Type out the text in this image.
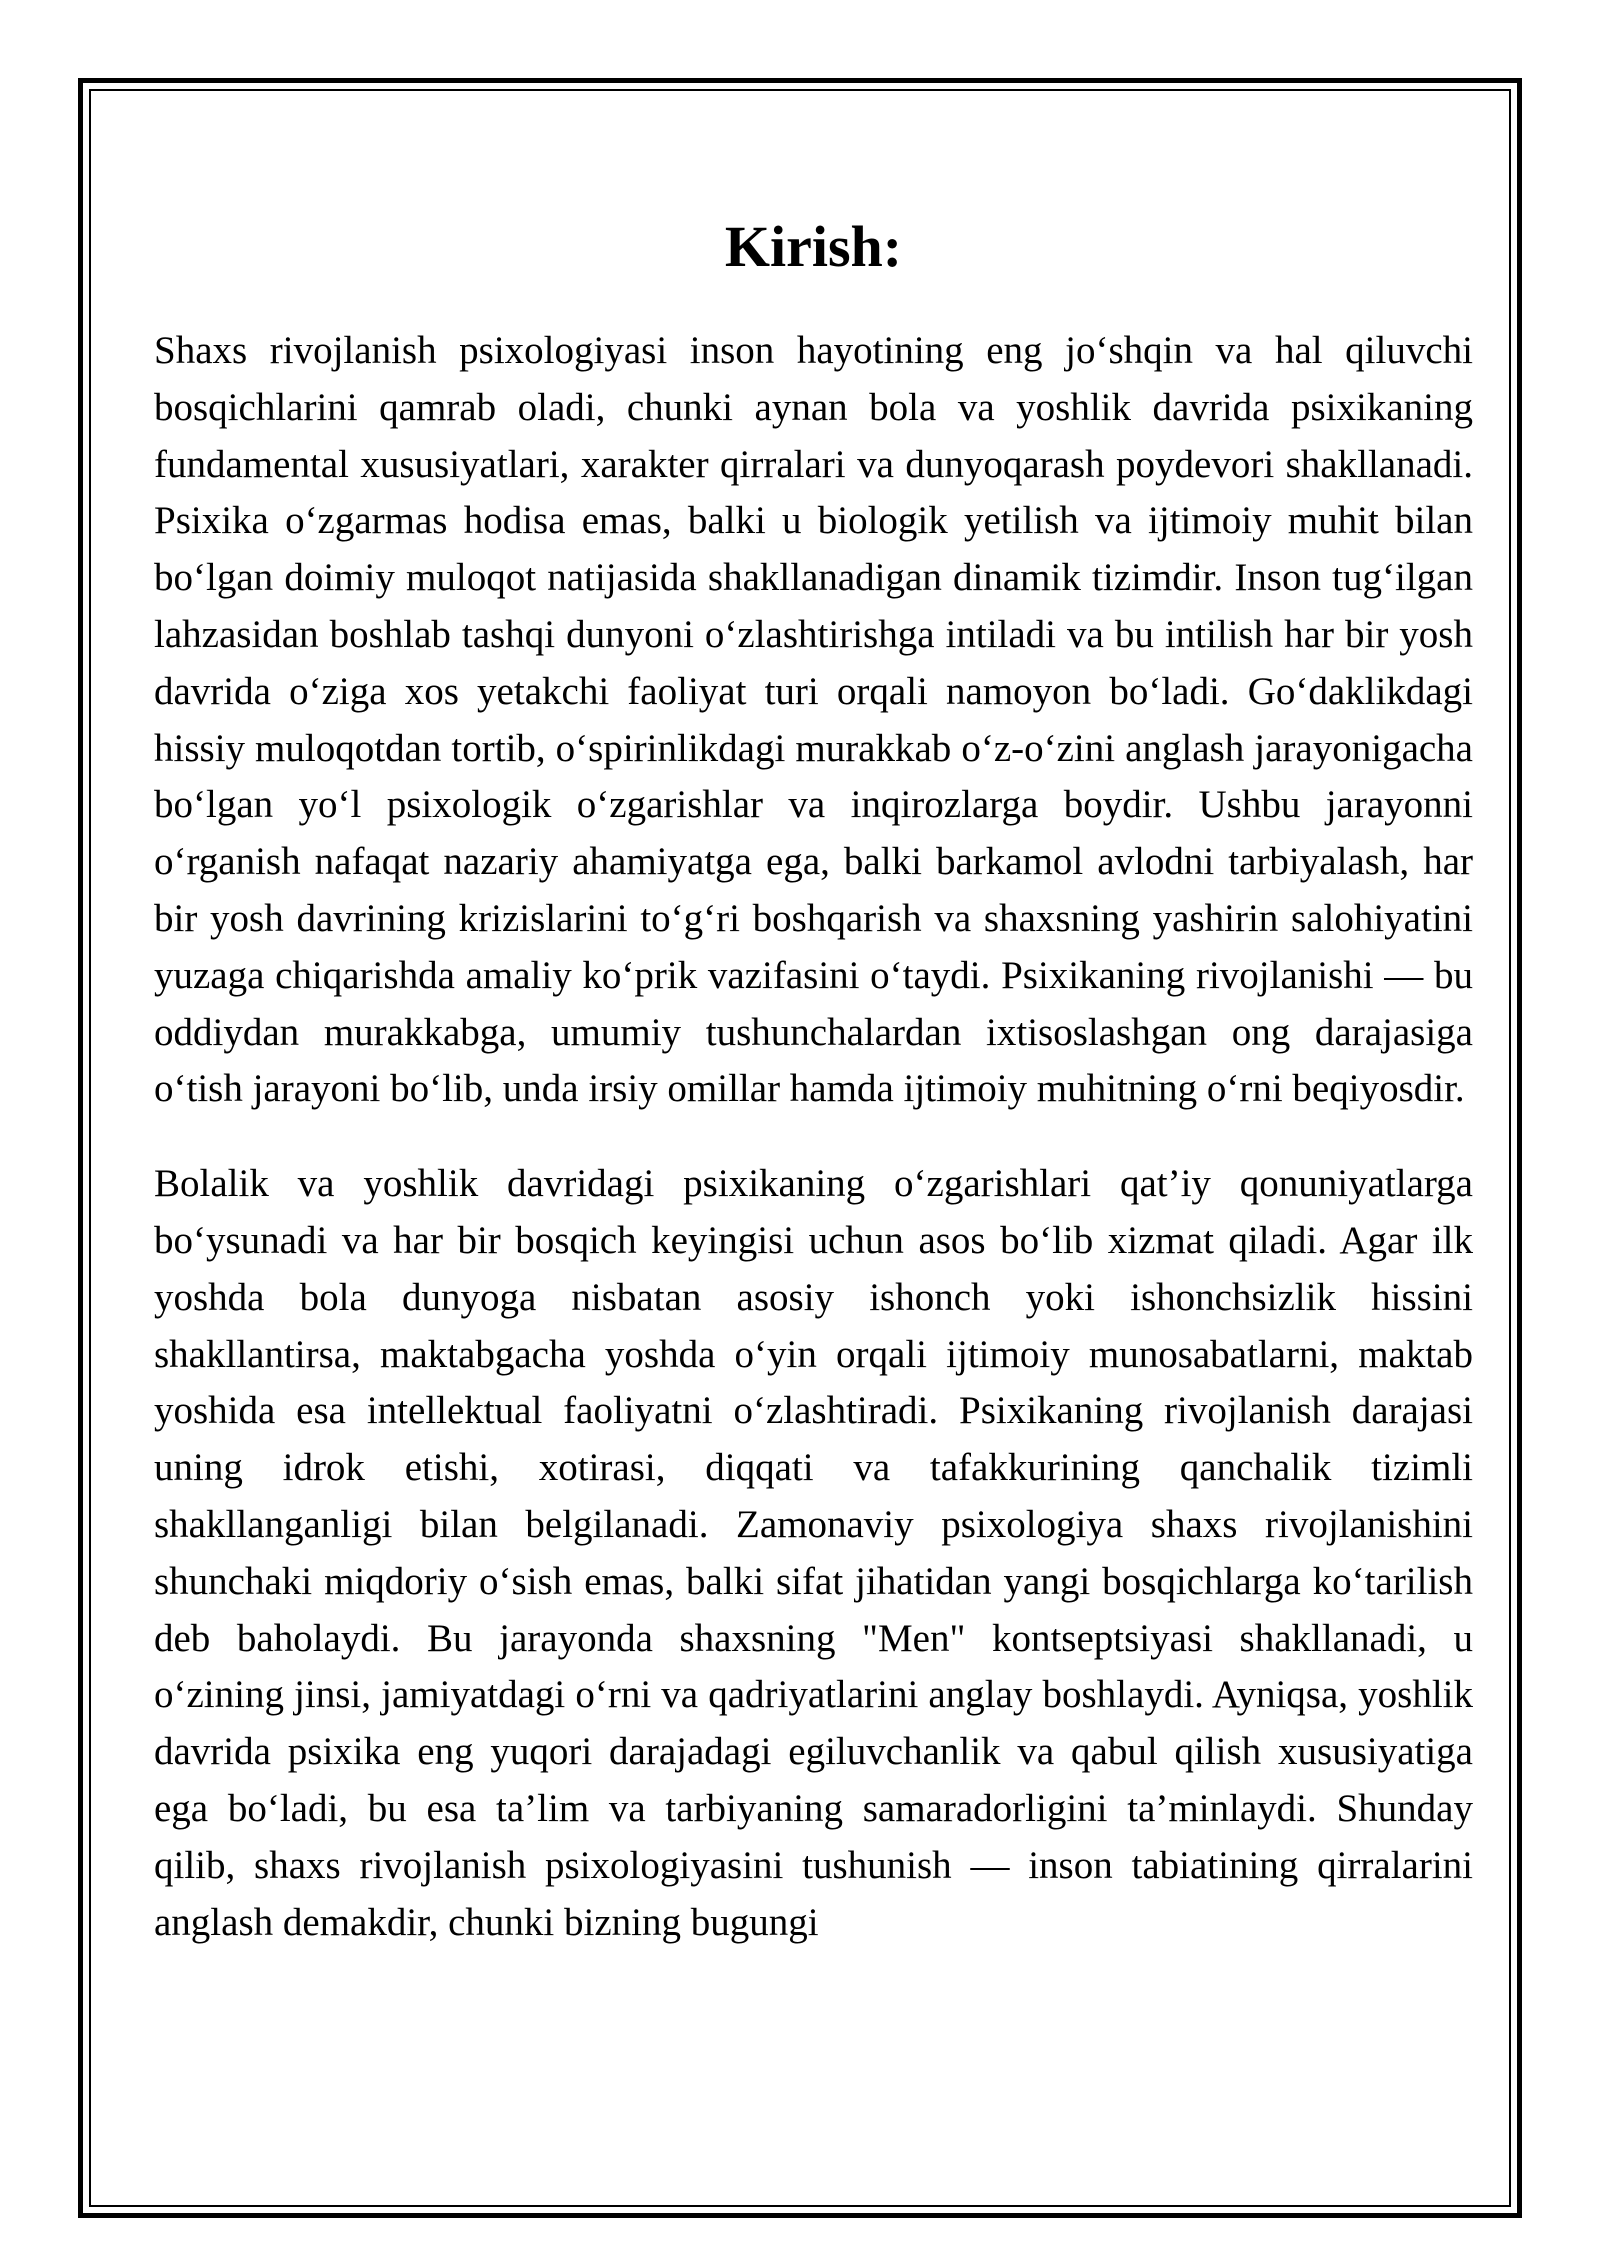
Kirish:

Shaxs rivojlanish psixologiyasi inson hayotining eng jo‘shqin va hal qiluvchi bosqichlarini qamrab oladi, chunki aynan bola va yoshlik davrida psixikaning fundamental xususiyatlari, xarakter qirralari va dunyoqarash poydevori shakllanadi. Psixika o‘zgarmas hodisa emas, balki u biologik yetilish va ijtimoiy muhit bilan bo‘lgan doimiy muloqot natijasida shakllanadigan dinamik tizimdir. Inson tug‘ilgan lahzasidan boshlab tashqi dunyoni o‘zlashtirishga intiladi va bu intilish har bir yosh davrida o‘ziga xos yetakchi faoliyat turi orqali namoyon bo‘ladi. Go‘daklikdagi hissiy muloqotdan tortib, o‘spirinlikdagi murakkab o‘z-o‘zini anglash jarayonigacha bo‘lgan yo‘l psixologik o‘zgarishlar va inqirozlarga boydir. Ushbu jarayonni o‘rganish nafaqat nazariy ahamiyatga ega, balki barkamol avlodni tarbiyalash, har bir yosh davrining krizislarini to‘g‘ri boshqarish va shaxsning yashirin salohiyatini yuzaga chiqarishda amaliy ko‘prik vazifasini o‘taydi. Psixikaning rivojlanishi — bu oddiydan murakkabga, umumiy tushunchalardan ixtisoslashgan ong darajasiga o‘tish jarayoni bo‘lib, unda irsiy omillar hamda ijtimoiy muhitning o‘rni beqiyosdir.

Bolalik va yoshlik davridagi psixikaning o‘zgarishlari qat’iy qonuniyatlarga bo‘ysunadi va har bir bosqich keyingisi uchun asos bo‘lib xizmat qiladi. Agar ilk yoshda bola dunyoga nisbatan asosiy ishonch yoki ishonchsizlik hissini shakllantirsa, maktabgacha yoshda o‘yin orqali ijtimoiy munosabatlarni, maktab yoshida esa intellektual faoliyatni o‘zlashtiradi. Psixikaning rivojlanish darajasi uning idrok etishi, xotirasi, diqqati va tafakkurining qanchalik tizimli shakllanganligi bilan belgilanadi. Zamonaviy psixologiya shaxs rivojlanishini shunchaki miqdoriy o‘sish emas, balki sifat jihatidan yangi bosqichlarga ko‘tarilish deb baholaydi. Bu jarayonda shaxsning "Men" kontseptsiyasi shakllanadi, u o‘zining jinsi, jamiyatdagi o‘rni va qadriyatlarini anglay boshlaydi. Ayniqsa, yoshlik davrida psixika eng yuqori darajadagi egiluvchanlik va qabul qilish xususiyatiga ega bo‘ladi, bu esa ta’lim va tarbiyaning samaradorligini ta’minlaydi. Shunday qilib, shaxs rivojlanish psixologiyasini tushunish — inson tabiatining qirralarini anglash demakdir, chunki bizning bugungi
